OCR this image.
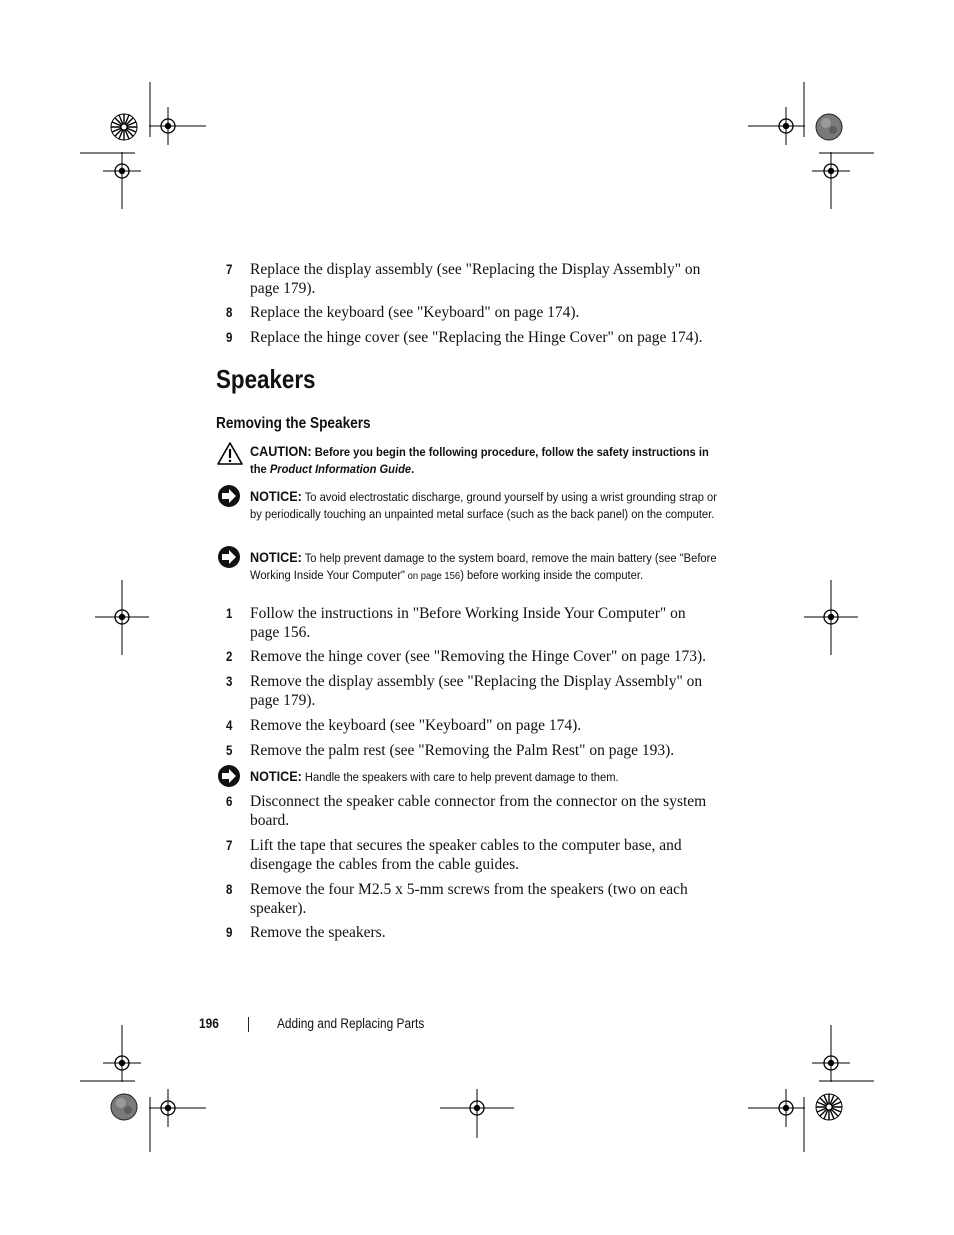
7 Replace the display assembly (see "Replacing the Display Assembly" on page 179).
8 Replace the keyboard (see "Keyboard" on page 174).
9 Replace the hinge cover (see "Replacing the Hinge Cover" on page 174).
Speakers
Removing the Speakers
CAUTION: Before you begin the following procedure, follow the safety instructions in the Product Information Guide.
NOTICE: To avoid electrostatic discharge, ground yourself by using a wrist grounding strap or by periodically touching an unpainted metal surface (such as the back panel) on the computer.
NOTICE: To help prevent damage to the system board, remove the main battery (see "Before Working Inside Your Computer" on page 156) before working inside the computer.
1 Follow the instructions in "Before Working Inside Your Computer" on page 156.
2 Remove the hinge cover (see "Removing the Hinge Cover" on page 173).
3 Remove the display assembly (see "Replacing the Display Assembly" on page 179).
4 Remove the keyboard (see "Keyboard" on page 174).
5 Remove the palm rest (see "Removing the Palm Rest" on page 193).
NOTICE: Handle the speakers with care to help prevent damage to them.
6 Disconnect the speaker cable connector from the connector on the system board.
7 Lift the tape that secures the speaker cables to the computer base, and disengage the cables from the cable guides.
8 Remove the four M2.5 x 5-mm screws from the speakers (two on each speaker).
9 Remove the speakers.
196	Adding and Replacing Parts
